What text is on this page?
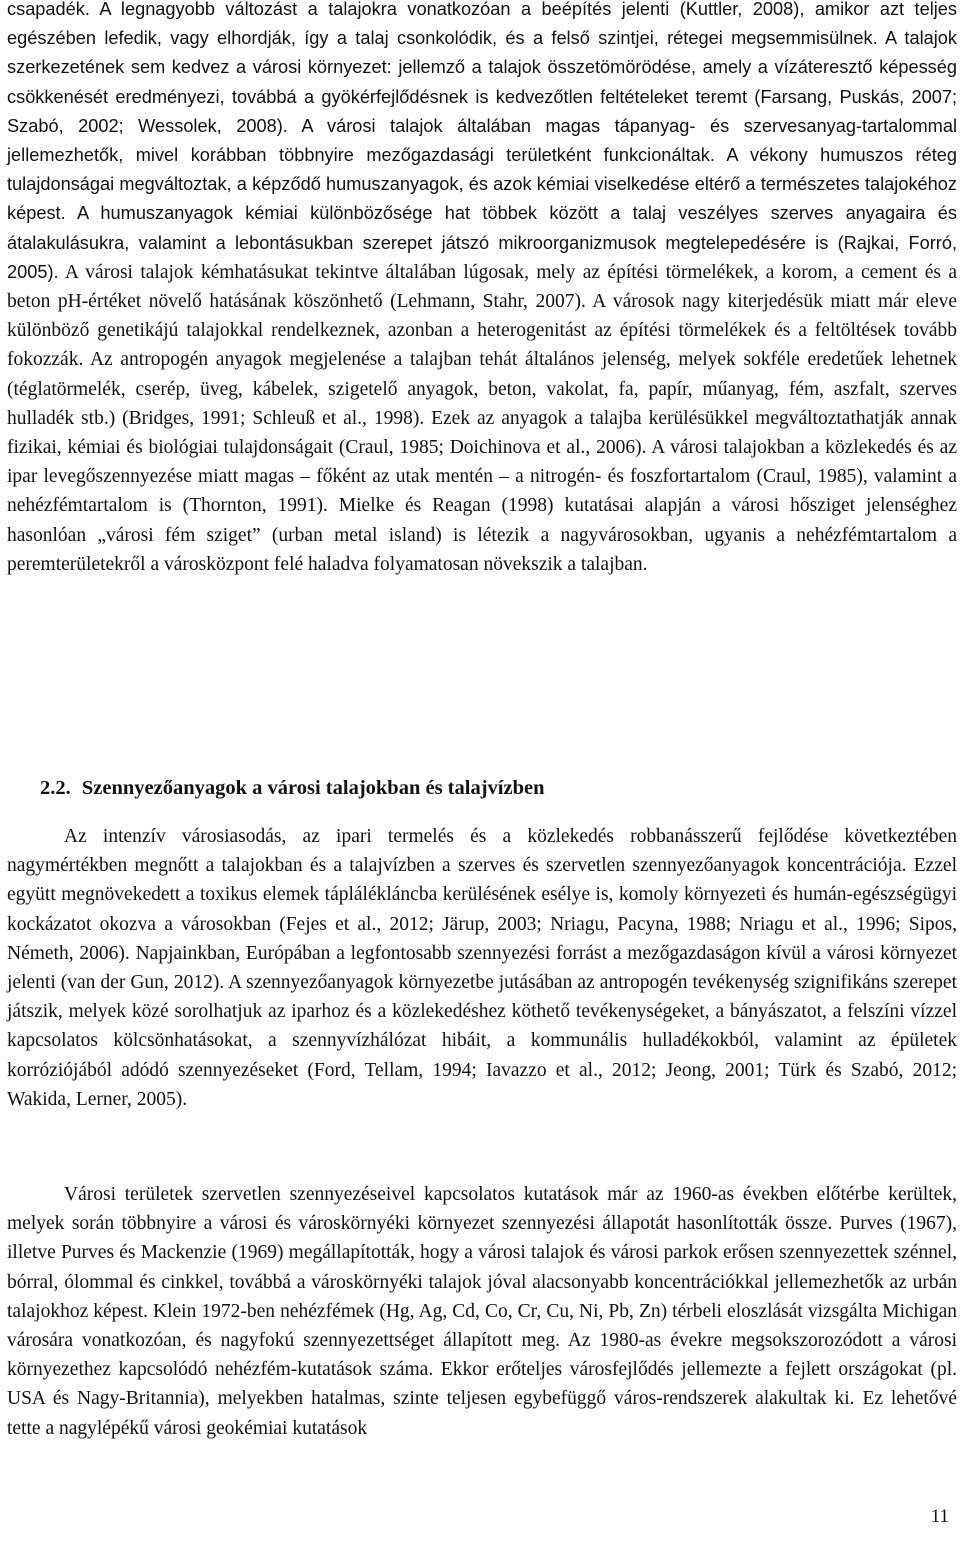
csapadék. A legnagyobb változást a talajokra vonatkozóan a beépítés jelenti (Kuttler, 2008), amikor azt teljes egészében lefedik, vagy elhordják, így a talaj csonkolódik, és a felső szintjei, rétegei megsemmisülnek. A talajok szerkezetének sem kedvez a városi környezet: jellemző a talajok összetömörödése, amely a vízáteresztő képesség csökkenését eredményezi, továbbá a gyökérfejlődésnek is kedvezőtlen feltételeket teremt (Farsang, Puskás, 2007; Szabó, 2002; Wessolek, 2008). A városi talajok általában magas tápanyag- és szervesanyag-tartalommal jellemezhetők, mivel korábban többnyire mezőgazdasági területként funkcionáltak. A vékony humuszos réteg tulajdonságai megváltoztak, a képződő humuszanyagok, és azok kémiai viselkedése eltérő a természetes talajokéhoz képest. A humuszanyagok kémiai különbözősége hat többek között a talaj veszélyes szerves anyagaira és átalakulásukra, valamint a lebontásukban szerepet játszó mikroorganizmusok megtelepedésére is (Rajkai, Forró, 2005). A városi talajok kémhatásukat tekintve általában lúgosak, mely az építési törmelékek, a korom, a cement és a beton pH-értéket növelő hatásának köszönhető (Lehmann, Stahr, 2007). A városok nagy kiterjedésük miatt már eleve különböző genetikájú talajokkal rendelkeznek, azonban a heterogenitást az építési törmelékek és a feltöltések tovább fokozzák. Az antropogén anyagok megjelenése a talajban tehát általános jelenség, melyek sokféle eredetűek lehetnek (téglatörmelék, cserép, üveg, kábelek, szigetelő anyagok, beton, vakolat, fa, papír, műanyag, fém, aszfalt, szerves hulladék stb.) (Bridges, 1991; Schleuß et al., 1998). Ezek az anyagok a talajba kerülésükkel megváltoztathatják annak fizikai, kémiai és biológiai tulajdonságait (Craul, 1985; Doichinova et al., 2006). A városi talajokban a közlekedés és az ipar levegőszennyezése miatt magas – főként az utak mentén – a nitrogén- és foszfortartalom (Craul, 1985), valamint a nehézfémtartalom is (Thornton, 1991). Mielke és Reagan (1998) kutatásai alapján a városi hősziget jelenséghez hasonlóan „városi fém sziget” (urban metal island) is létezik a nagyvárosokban, ugyanis a nehézfémtartalom a peremterületekről a városközpont felé haladva folyamatosan növekszik a talajban.

2.2. Szennyezőanyagok a városi talajokban és talajvízben

Az intenzív városiasodás, az ipari termelés és a közlekedés robbanásszerű fejlődése következtében nagymértékben megnőtt a talajokban és a talajvízben a szerves és szervetlen szennyezőanyagok koncentrációja. Ezzel együtt megnövekedett a toxikus elemek táplálékláncba kerülésének esélye is, komoly környezeti és humán-egészségügyi kockázatot okozva a városokban (Fejes et al., 2012; Järup, 2003; Nriagu, Pacyna, 1988; Nriagu et al., 1996; Sipos, Németh, 2006). Napjainkban, Európában a legfontosabb szennyezési forrást a mezőgazdaságon kívül a városi környezet jelenti (van der Gun, 2012). A szennyezőanyagok környezetbe jutásában az antropogén tevékenység szignifikáns szerepet játszik, melyek közé sorolhatjuk az iparhoz és a közlekedéshez köthető tevékenységeket, a bányászatot, a felszíni vízzel kapcsolatos kölcsönhatásokat, a szennyvízhálózat hibáit, a kommunális hulladékokból, valamint az épületek korróziójából adódó szennyezéseket (Ford, Tellam, 1994; Iavazzo et al., 2012; Jeong, 2001; Türk és Szabó, 2012; Wakida, Lerner, 2005).

Városi területek szervetlen szennyezéseivel kapcsolatos kutatások már az 1960-as években előtérbe kerültek, melyek során többnyire a városi és városkörnyéki környezet szennyezési állapotát hasonlították össze. Purves (1967), illetve Purves és Mackenzie (1969) megállapították, hogy a városi talajok és városi parkok erősen szennyezettek szénnel, bórral, ólommal és cinkkel, továbbá a városkörnyéki talajok jóval alacsonyabb koncentrációkkal jellemezhetők az urbán talajokhoz képest. Klein 1972-ben nehézfémek (Hg, Ag, Cd, Co, Cr, Cu, Ni, Pb, Zn) térbeli eloszlását vizsgálta Michigan városára vonatkozóan, és nagyfokú szennyezettséget állapított meg. Az 1980-as évekre megsokszorozódott a városi környezethez kapcsolódó nehézfém-kutatások száma. Ekkor erőteljes városfejlődés jellemezte a fejlett országokat (pl. USA és Nagy-Britannia), melyekben hatalmas, szinte teljesen egybefüggő város-rendszerek alakultak ki. Ez lehetővé tette a nagylépékű városi geokémiai kutatások

11
